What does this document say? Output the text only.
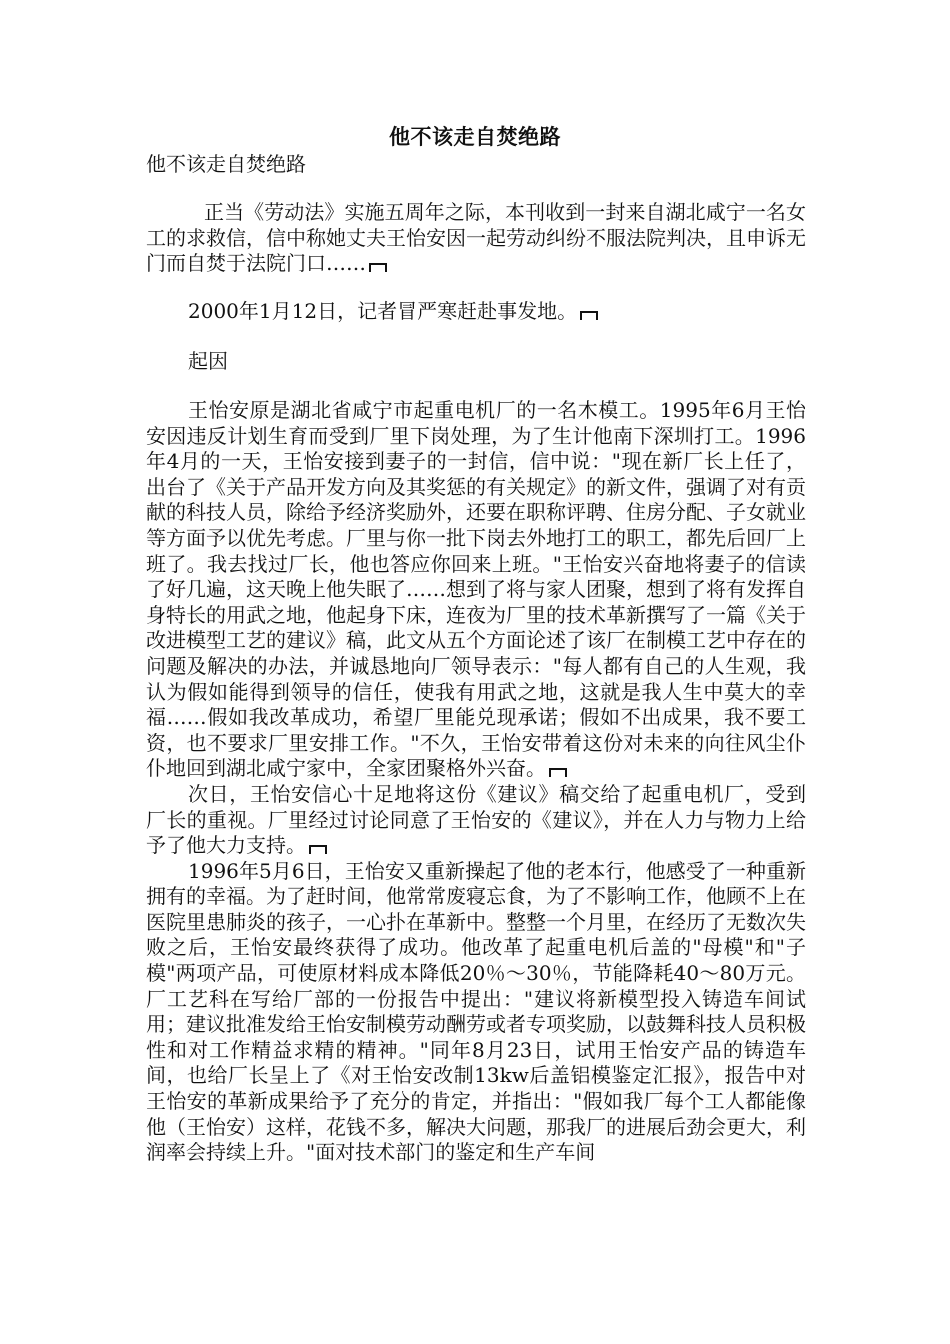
他不该走自焚绝路
他不该走自焚绝路
正当《劳动法》实施五周年之际，本刊收到一封来自湖北咸宁一名女工的求救信，信中称她丈夫王怡安因一起劳动纠纷不服法院判决，且申诉无门而自焚于法院门口……
2000年1月12日，记者冒严寒赶赴事发地。
起因

王怡安原是湖北省咸宁市起重电机厂的一名木模工。1995年6月王怡安因违反计划生育而受到厂里下岗处理，为了生计他南下深圳打工。1996年4月的一天，王怡安接到妻子的一封信，信中说："现在新厂长上任了，出台了《关于产品开发方向及其奖惩的有关规定》的新文件，强调了对有贡献的科技人员，除给予经济奖励外，还要在职称评聘、住房分配、子女就业等方面予以优先考虑。厂里与你一批下岗去外地打工的职工，都先后回厂上班了。我去找过厂长，他也答应你回来上班。"王怡安兴奋地将妻子的信读了好几遍，这天晚上他失眠了……想到了将与家人团聚，想到了将有发挥自身特长的用武之地，他起身下床，连夜为厂里的技术革新撰写了一篇《关于改进模型工艺的建议》稿，此文从五个方面论述了该厂在制模工艺中存在的问题及解决的办法，并诚恳地向厂领导表示："每人都有自己的人生观，我认为假如能得到领导的信任，使我有用武之地，这就是我人生中莫大的幸福……假如我改革成功，希望厂里能兑现承诺；假如不出成果，我不要工资，也不要求厂里安排工作。"不久，王怡安带着这份对未来的向往风尘仆仆地回到湖北咸宁家中，全家团聚格外兴奋。

次日，王怡安信心十足地将这份《建议》稿交给了起重电机厂，受到厂长的重视。厂里经过讨论同意了王怡安的《建议》，并在人力与物力上给予了他大力支持。

1996年5月6日，王怡安又重新操起了他的老本行，他感受了一种重新拥有的幸福。为了赶时间，他常常废寝忘食，为了不影响工作，他顾不上在医院里患肺炎的孩子，一心扑在革新中。整整一个月里，在经历了无数次失败之后，王怡安最终获得了成功。他改革了起重电机后盖的"母模"和"子模"两项产品，可使原材料成本降低20％～30％，节能降耗40～80万元。厂工艺科在写给厂部的一份报告中提出："建议将新模型投入铸造车间试用；建议批准发给王怡安制模劳动酬劳或者专项奖励，以鼓舞科技人员积极性和对工作精益求精的精神。"同年8月23日，试用王怡安产品的铸造车间，也给厂长呈上了《对王怡安改制13kw后盖铝模鉴定汇报》，报告中对王怡安的革新成果给予了充分的肯定，并指出："假如我厂每个工人都能像他（王怡安）这样，花钱不多，解决大问题，那我厂的进展后劲会更大，利润率会持续上升。"面对技术部门的鉴定和生产车间
